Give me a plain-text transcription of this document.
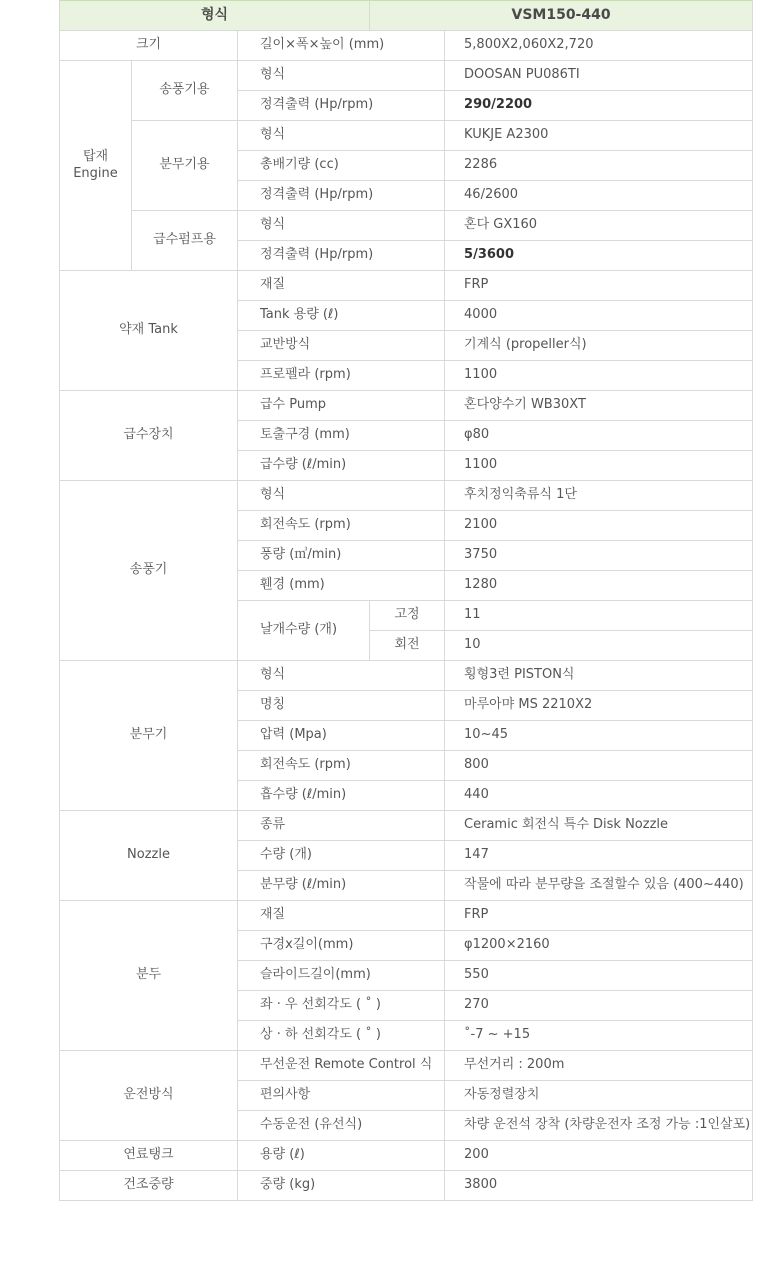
형식			VSM150-440	
크기		길이×폭×높이 (mm)		5,800X2,060X2,720
탑재
Engine	송풍기용	형식		DOOSAN PU086TI
		정격출력 (Hp/rpm)		290/2200
	분무기용	형식		KUKJE A2300
		총배기량 (cc)		2286
		정격출력 (Hp/rpm)		46/2600
	급수펌프용	형식		혼다 GX160
		정격출력 (Hp/rpm)		5/3600
약재 Tank		재질		FRP
		Tank 용량 (ℓ)		4000
		교반방식		기계식 (propeller식)
		프로펠라 (rpm)		1100
급수장치		급수 Pump		혼다양수기 WB30XT
		토출구경 (mm)		φ80
		급수량 (ℓ/min)		1100
송풍기		형식		후치정익축류식 1단
		회전속도 (rpm)		2100
		풍량 (㎥/min)		3750
		휀경 (mm)		1280
		날개수량 (개)	고정	11
			회전	10
분무기		형식		횡형3련 PISTON식
		명칭		마루아먀 MS 2210X2
		압력 (Mpa)		10~45
		회전속도 (rpm)		800
		흡수량 (ℓ/min)		440
Nozzle		종류		Ceramic 회전식 특수 Disk Nozzle
		수량 (개)		147
		분무량 (ℓ/min)		작물에 따라 분무량을 조절할수 있음 (400~440)
분두		재질		FRP
		구경x길이(mm)		φ1200×2160
		슬라이드길이(mm)		550
		좌 · 우 선회각도 ( ˚ )		270
		상 · 하 선회각도 ( ˚ )		˚-7 ~ +15
운전방식		무선운전 Remote Control 식		무선거리 : 200m
		편의사항		자동정렬장치
		수동운전 (유선식)		차량 운전석 장착 (차량운전자 조정 가능 :1인살포)
연료탱크		용량 (ℓ)		200
건조중량		중량 (kg)		3800
